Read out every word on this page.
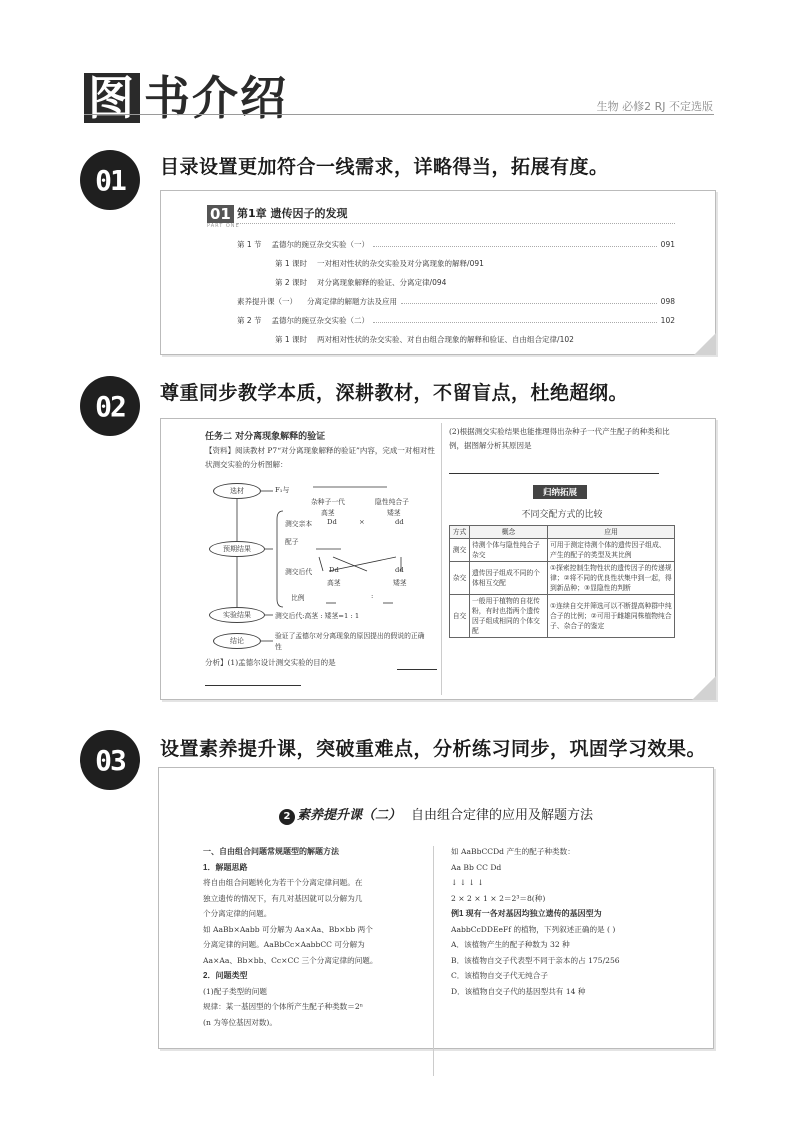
图 书介绍	生物 必修2 RJ 不定选版
01	目录设置更加符合一线需求，详略得当，拓展有度。
01
PART ONE
第1章 遗传因子的发现
第 1 节 孟德尔的豌豆杂交实验（一）	091
第 1 课时 一对相对性状的杂交实验及对分离现象的解释/091
第 2 课时 对分离现象解释的验证、分离定律/094
素养提升课（一） 分离定律的解题方法及应用	098
第 2 节 孟德尔的豌豆杂交实验（二）	102
第 1 课时 两对相对性状的杂交实验、对自由组合现象的解释和验证、自由组合定律/102
02	尊重同步教学本质，深耕教材，不留盲点，杜绝超纲。
任务二 对分离现象解释的验证
【资料】阅读教材 P7“对分离现象解释的验证”内容，完成一对相对性状测交实验的分析图解：
选材
预期结果
实验结果
结论
F₁与
杂种子一代
高茎
隐性纯合子
矮茎
测交亲本 Dd	×	dd
配子
测交后代 Dd	dd
高茎	矮茎
比例	:
测交后代:高茎 : 矮茎=1 : 1
验证了孟德尔对分离现象的原因提出的假说的正确性
分析】(1)孟德尔设计测交实验的目的是
(2)根据测交实验结果也能推理得出杂种子一代产生配子的种类和比例，据图解分析其原因是
归纳拓展
不同交配方式的比较
方式	概念	应用
测交	待测个体与隐性纯合子杂交	可用于测定待测个体的遗传因子组成、产生的配子的类型及其比例
杂交	遗传因子组成不同的个体相互交配	①探索控制生物性状的遗传因子的传递规律；②将不同的优良性状集中到一起，得到新品种；③显隐性的判断
自交	一般用于植物的自花传粉，有时也指两个遗传因子组成相同的个体交配	①连续自交并筛选可以不断提高种群中纯合子的比例；②可用于雌雄同株植物纯合子、杂合子的鉴定
03	设置素养提升课，突破重难点，分析练习同步，巩固学习效果。
2 素养提升课（二） 自由组合定律的应用及解题方法
一、自由组合问题常规题型的解题方法
1．解题思路
将自由组合问题转化为若干个分离定律问题。在
独立遗传的情况下，有几对基因就可以分解为几
个分离定律的问题。
如 AaBb×Aabb 可分解为 Aa×Aa、Bb×bb 两个
分离定律的问题。AaBbCc×AabbCC 可分解为
Aa×Aa、Bb×bb、Cc×CC 三个分离定律的问题。
2．问题类型
(1)配子类型的问题
规律：某一基因型的个体所产生配子种类数＝2ⁿ
(n 为等位基因对数)。
如 AaBbCCDd 产生的配子种类数：
Aa Bb CC Dd
↓ ↓ ↓ ↓
2 × 2 × 1 × 2＝2³＝8(种)
例1 现有一各对基因均独立遗传的基因型为
AabbCcDDEeFf 的植物，下列叙述正确的是 ( )
A．该植物产生的配子种数为 32 种
B．该植物自交子代表型不同于亲本的占 175/256
C．该植物自交子代无纯合子
D．该植物自交子代的基因型共有 14 种
